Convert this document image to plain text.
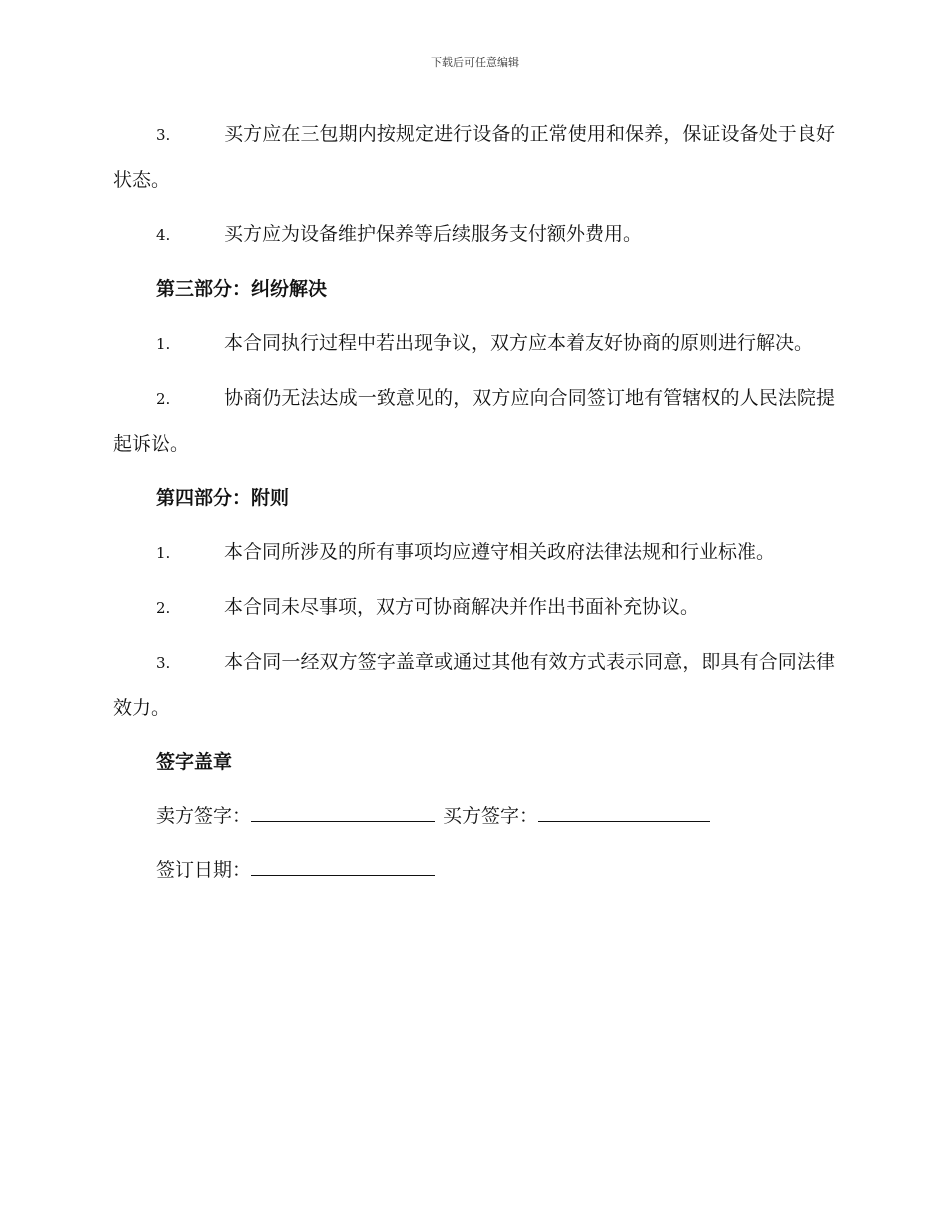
下载后可任意编辑

3.	买方应在三包期内按规定进行设备的正常使用和保养，保证设备处于良好状态。

4.	买方应为设备维护保养等后续服务支付额外费用。

第三部分：纠纷解决

1.	本合同执行过程中若出现争议，双方应本着友好协商的原则进行解决。

2.	协商仍无法达成一致意见的，双方应向合同签订地有管辖权的人民法院提起诉讼。

第四部分：附则

1.	本合同所涉及的所有事项均应遵守相关政府法律法规和行业标准。

2.	本合同未尽事项，双方可协商解决并作出书面补充协议。

3.	本合同一经双方签字盖章或通过其他有效方式表示同意，即具有合同法律效力。

签字盖章
卖方签字：	买方签字：
签订日期：
